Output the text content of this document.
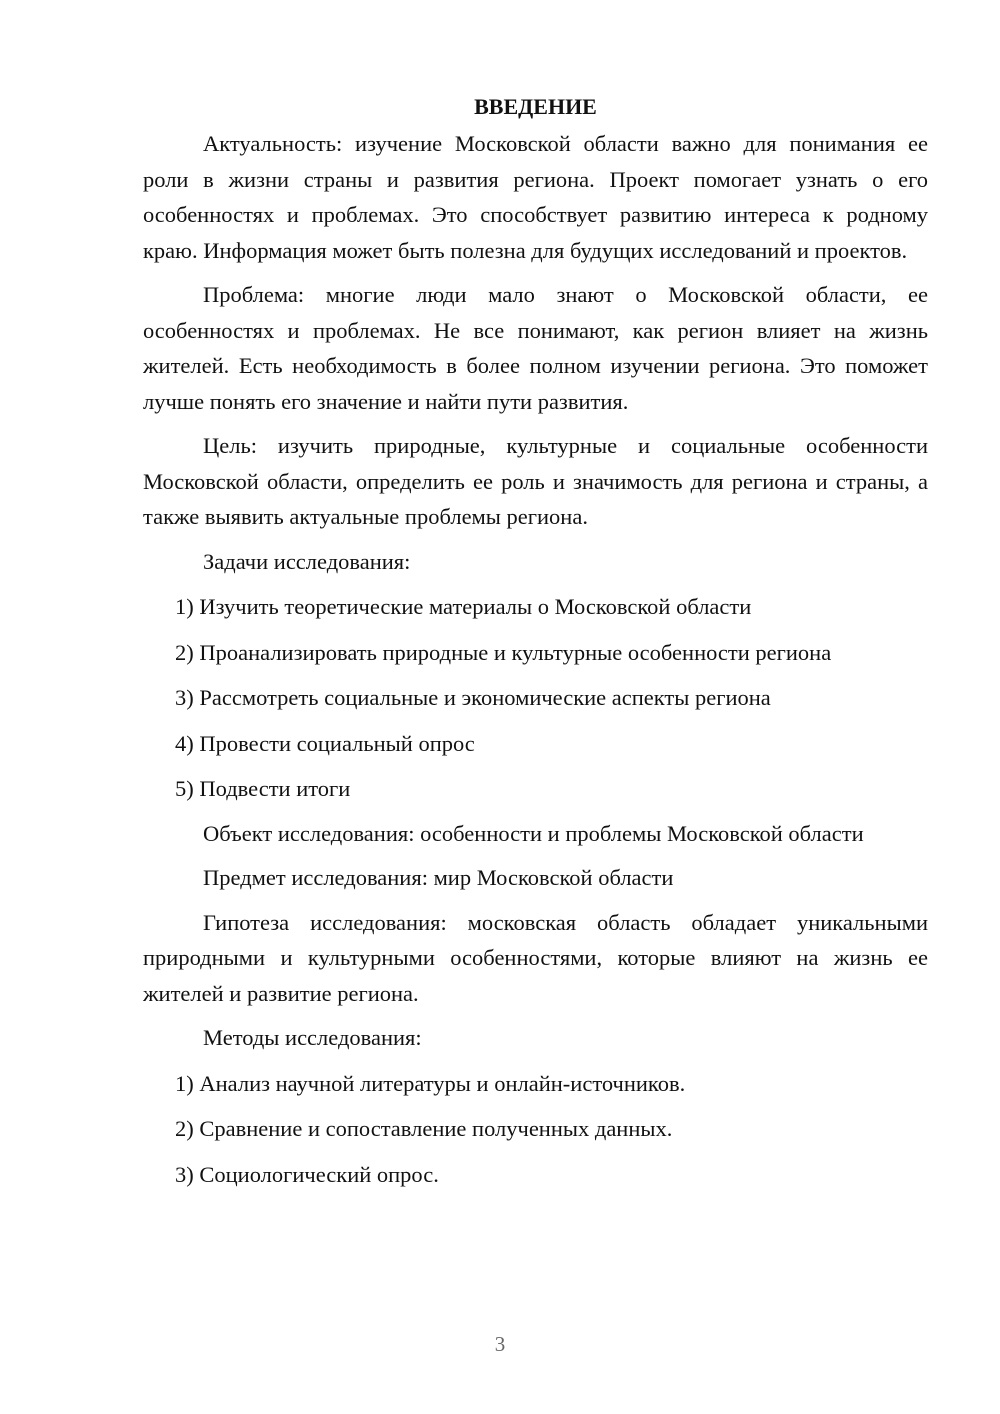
ВВЕДЕНИЕ

Актуальность: изучение Московской области важно для понимания ее роли в жизни страны и развития региона. Проект помогает узнать о его особенностях и проблемах. Это способствует развитию интереса к родному краю. Информация может быть полезна для будущих исследований и проектов.

Проблема: многие люди мало знают о Московской области, ее особенностях и проблемах. Не все понимают, как регион влияет на жизнь жителей. Есть необходимость в более полном изучении региона. Это поможет лучше понять его значение и найти пути развития.

Цель: изучить природные, культурные и социальные особенности Московской области, определить ее роль и значимость для региона и страны, а также выявить актуальные проблемы региона.

Задачи исследования:
1) Изучить теоретические материалы о Московской области
2) Проанализировать природные и культурные особенности региона
3) Рассмотреть социальные и экономические аспекты региона
4) Провести социальный опрос
5) Подвести итоги

Объект исследования: особенности и проблемы Московской области

Предмет исследования: мир Московской области

Гипотеза исследования: московская область обладает уникальными природными и культурными особенностями, которые влияют на жизнь ее жителей и развитие региона.

Методы исследования:
1) Анализ научной литературы и онлайн-источников.
2) Сравнение и сопоставление полученных данных.
3) Социологический опрос.
3
